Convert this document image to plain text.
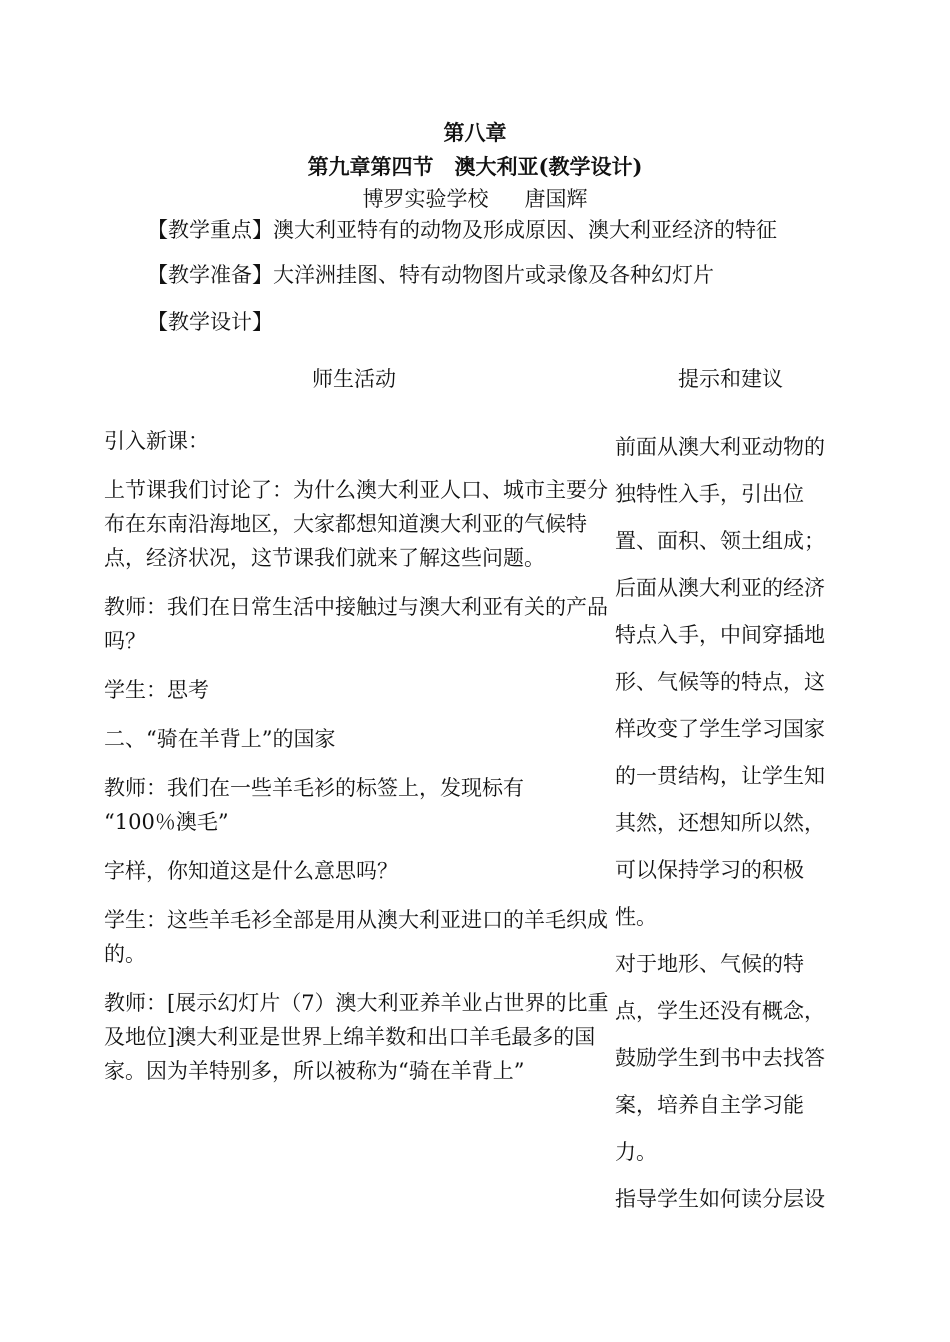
第八章
第九章第四节　澳大利亚(教学设计)
博罗实验学校 唐国辉
【教学重点】澳大利亚特有的动物及形成原因、澳大利亚经济的特征
【教学准备】大洋洲挂图、特有动物图片或录像及各种幻灯片
【教学设计】
师生活动	提示和建议

引入新课：

上节课我们讨论了：为什么澳大利亚人口、城市主要分布在东南沿海地区，大家都想知道澳大利亚的气候特点，经济状况，这节课我们就来了解这些问题。

教师：我们在日常生活中接触过与澳大利亚有关的产品吗？

学生：思考

二、“骑在羊背上”的国家

教师：我们在一些羊毛衫的标签上，发现标有

“100％澳毛”

字样，你知道这是什么意思吗？

学生：这些羊毛衫全部是用从澳大利亚进口的羊毛织成的。

教师：[展示幻灯片（7）澳大利亚养羊业占世界的比重及地位]澳大利亚是世界上绵羊数和出口羊毛最多的国家。因为羊特别多，所以被称为“骑在羊背上”

前面从澳大利亚动物的独特性入手，引出位置、面积、领土组成；后面从澳大利亚的经济特点入手，中间穿插地形、气候等的特点，这样改变了学生学习国家的一贯结构，让学生知其然，还想知所以然，可以保持学习的积极性。

对于地形、气候的特点，学生还没有概念，鼓励学生到书中去找答案，培养自主学习能力。

指导学生如何读分层设
